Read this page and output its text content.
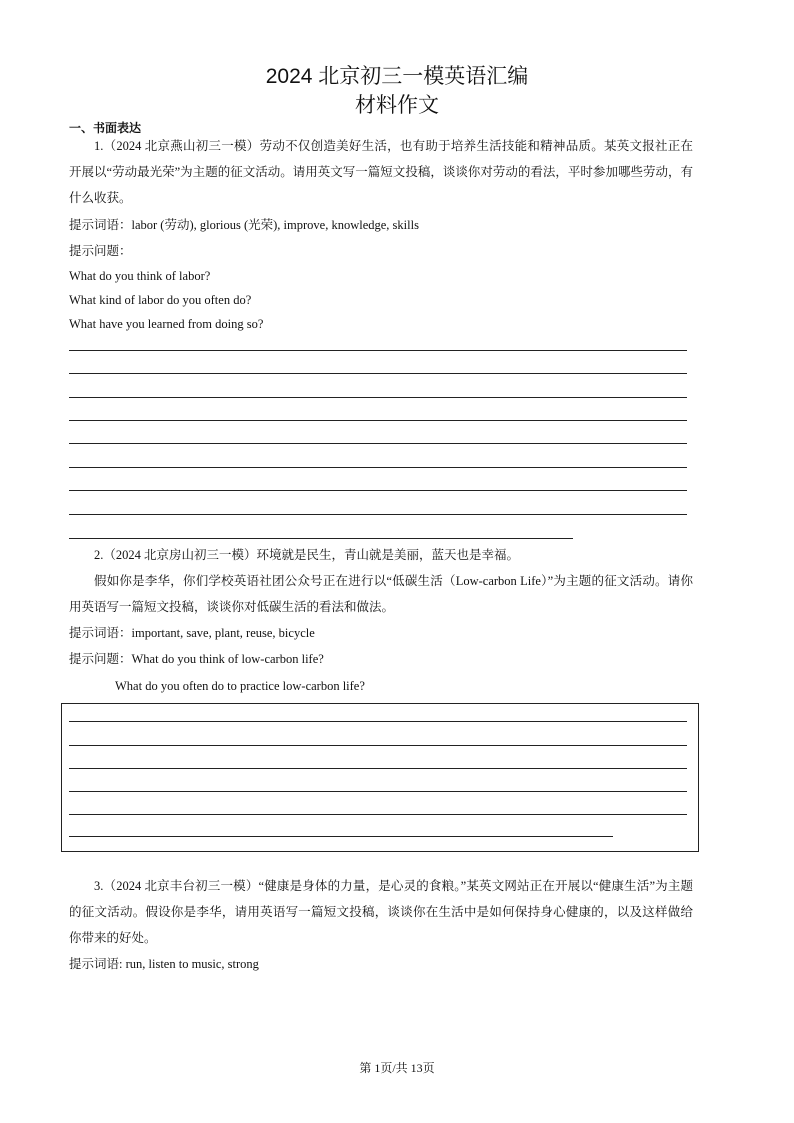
2024 北京初三一模英语汇编
材料作文
一、书面表达
1.（2024 北京燕山初三一模）劳动不仅创造美好生活，也有助于培养生活技能和精神品质。某英文报社正在开展以“劳动最光荣”为主题的征文活动。请用英文写一篇短文投稿，谈谈你对劳动的看法，平时参加哪些劳动，有什么收获。
提示词语：labor (劳动), glorious (光荣), improve, knowledge, skills
提示问题：
What do you think of labor?
What kind of labor do you often do?
What have you learned from doing so?
2.（2024 北京房山初三一模）环境就是民生，青山就是美丽，蓝天也是幸福。
假如你是李华，你们学校英语社团公众号正在进行以“低碳生活（Low-carbon Life）”为主题的征文活动。请你用英语写一篇短文投稿，谈谈你对低碳生活的看法和做法。
提示词语：important, save, plant, reuse, bicycle
提示问题：What do you think of low-carbon life?
What do you often do to practice low-carbon life?
3.（2024 北京丰台初三一模）“健康是身体的力量，是心灵的食粮。”某英文网站正在开展以“健康生活”为主题的征文活动。假设你是李华，请用英语写一篇短文投稿，谈谈你在生活中是如何保持身心健康的，以及这样做给你带来的好处。
提示词语: run, listen to music, strong
第 1页/共 13页
